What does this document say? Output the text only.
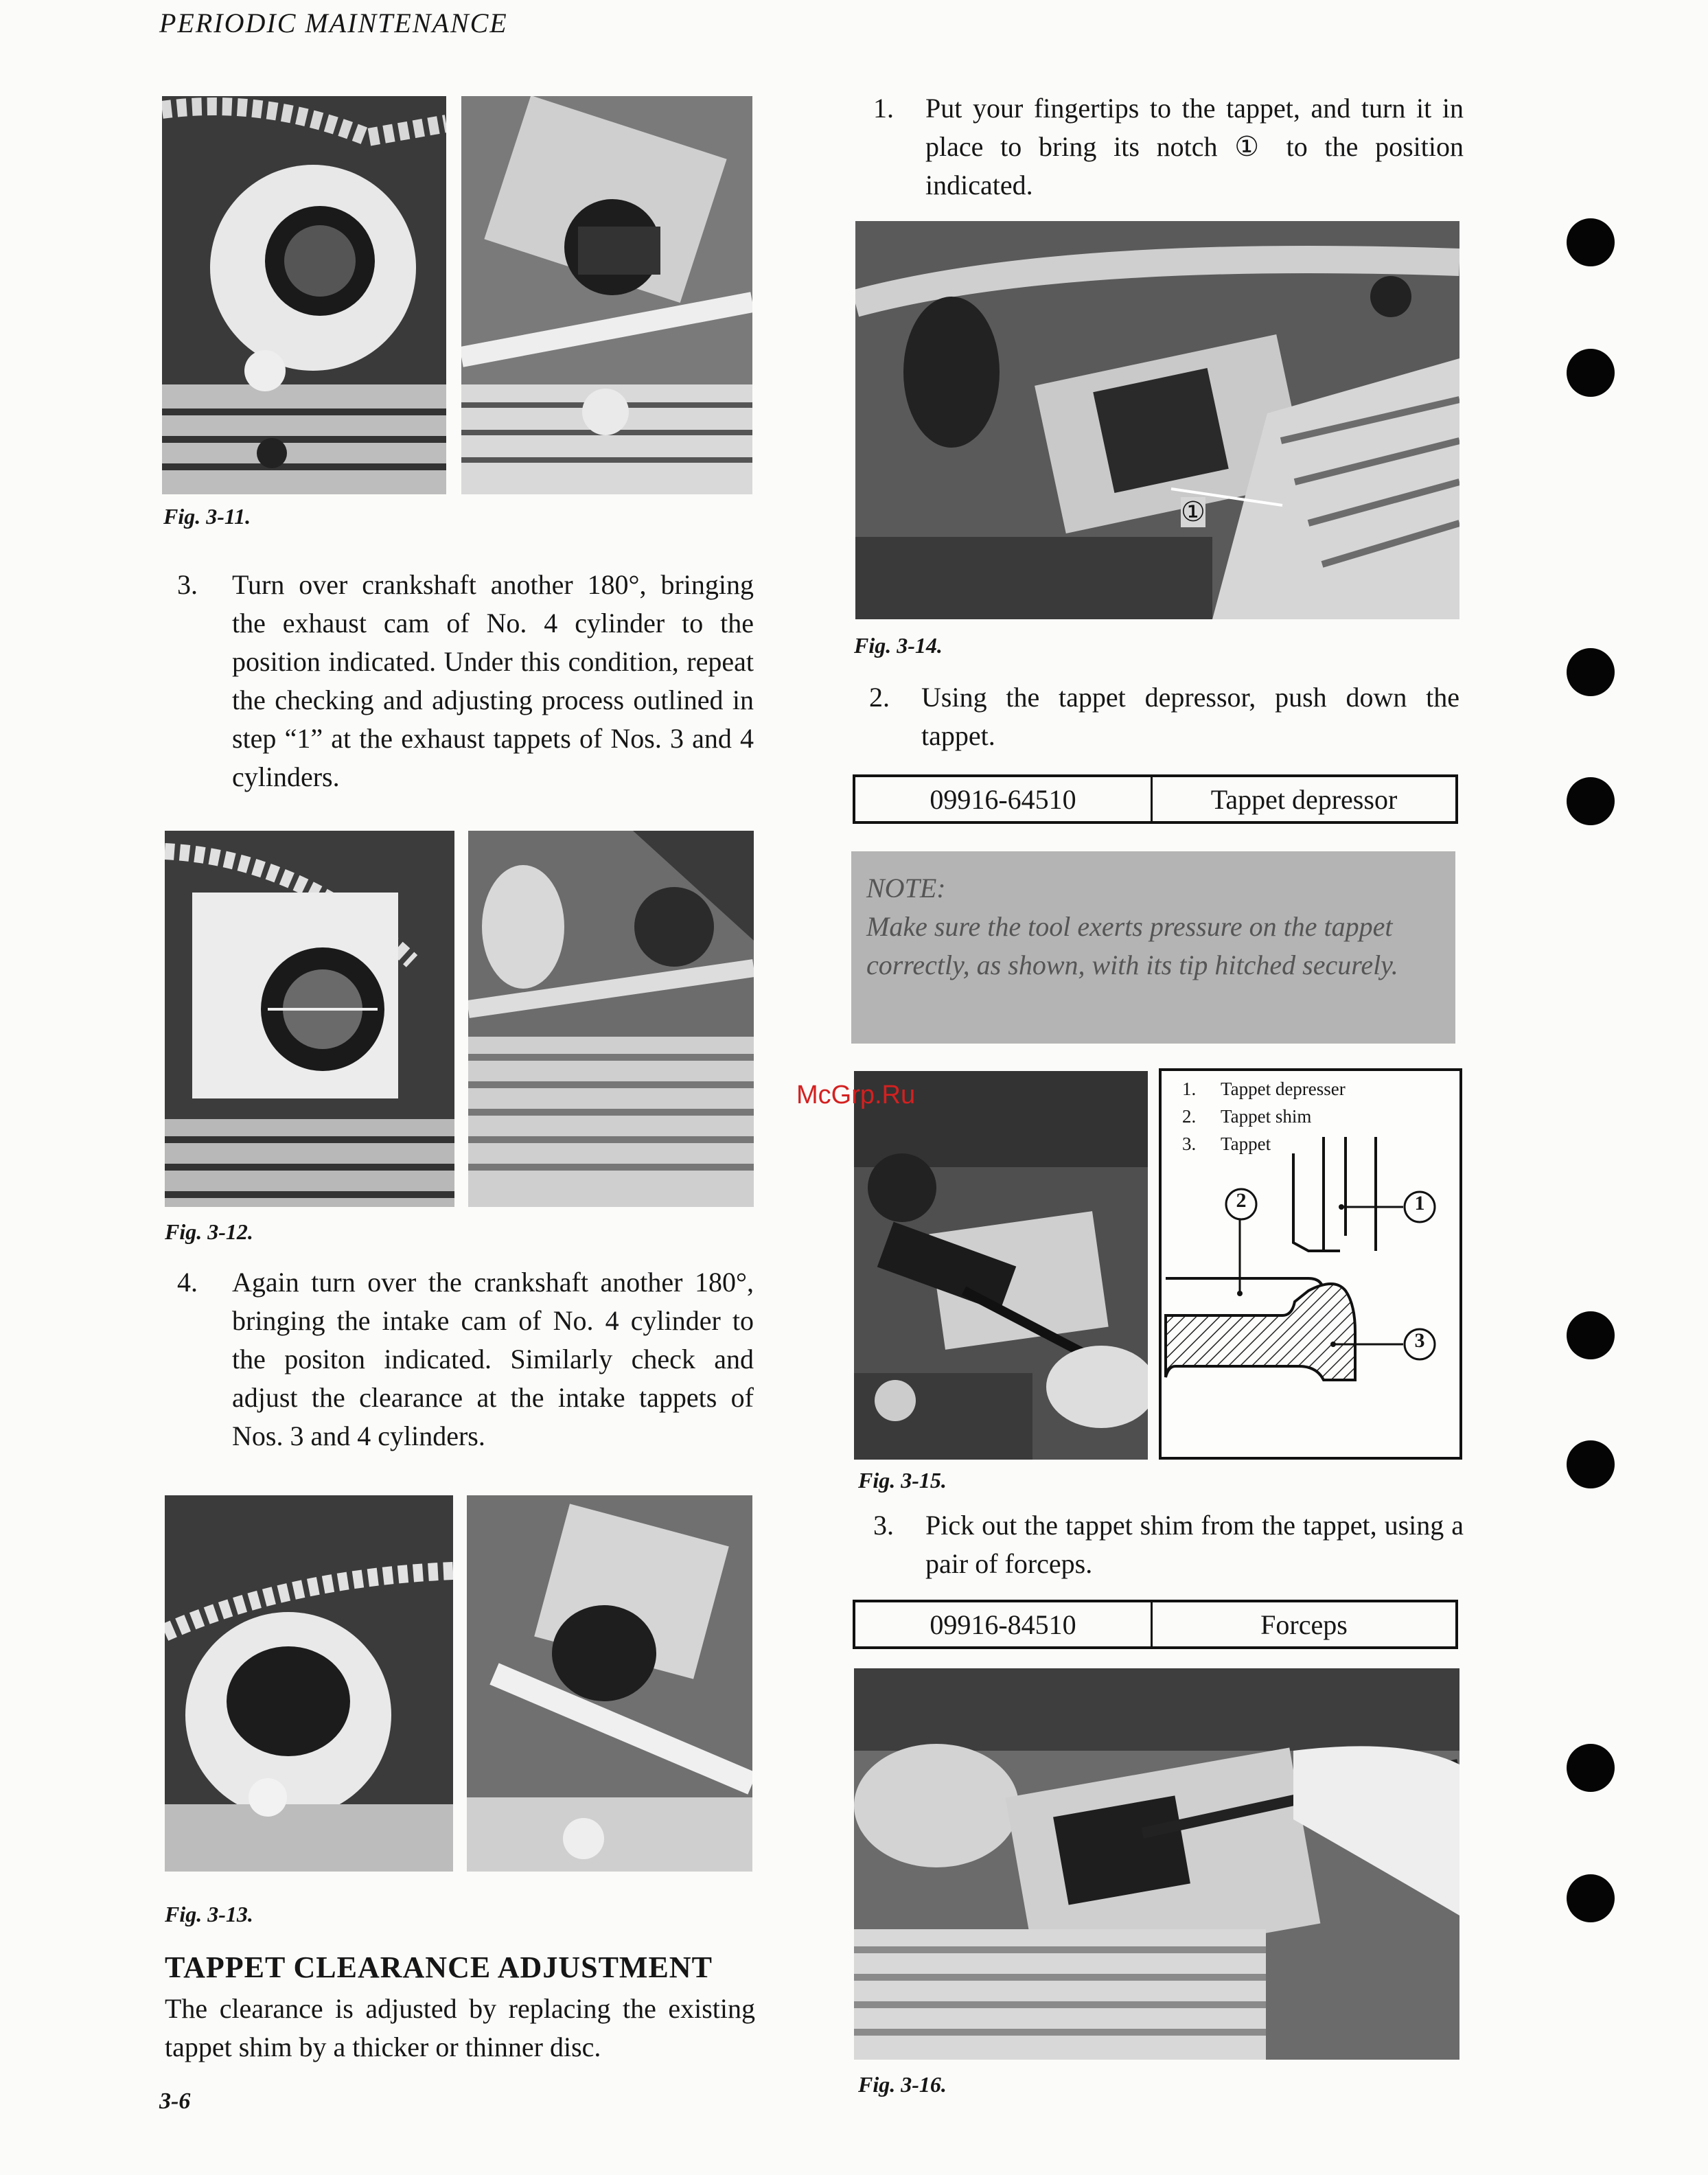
PERIODIC MAINTENANCE
Fig. 3-11.
3. Turn over crankshaft another 180°, bringing the exhaust cam of No. 4 cylinder to the position indicated. Under this condition, repeat the checking and adjusting process outlined in step “1” at the exhaust tappets of Nos. 3 and 4 cylinders.
Fig. 3-12.
4. Again turn over the crankshaft another 180°, bringing the intake cam of No. 4 cylinder to the positon indicated. Similarly check and adjust the clearance at the intake tappets of Nos. 3 and 4 cylinders.
Fig. 3-13.
TAPPET CLEARANCE ADJUSTMENT
The clearance is adjusted by replacing the existing tappet shim by a thicker or thinner disc.
3-6
1. Put your fingertips to the tappet, and turn it in place to bring its notch ① to the position indicated.
①
Fig. 3-14.
2. Using the tappet depressor, push down the tappet.
09916-64510	Tappet depressor
NOTE:
Make sure the tool exerts pressure on the tappet correctly, as shown, with its tip hitched securely.
1. Tappet depresser
2. Tappet shim
3. Tappet
1
2
3
Fig. 3-15.
3. Pick out the tappet shim from the tappet, using a pair of forceps.
09916-84510	Forceps
Fig. 3-16.
McGrp.Ru
